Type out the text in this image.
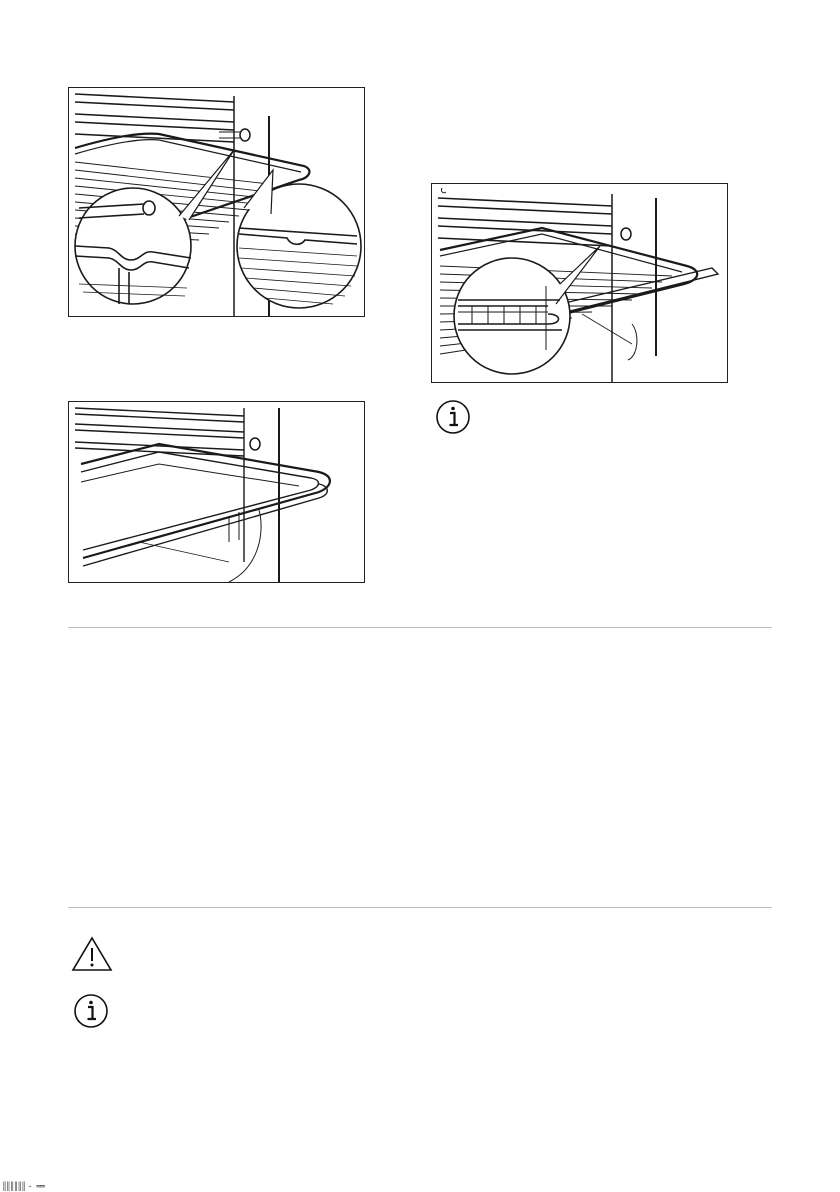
║║║║║║ ╴ ══
